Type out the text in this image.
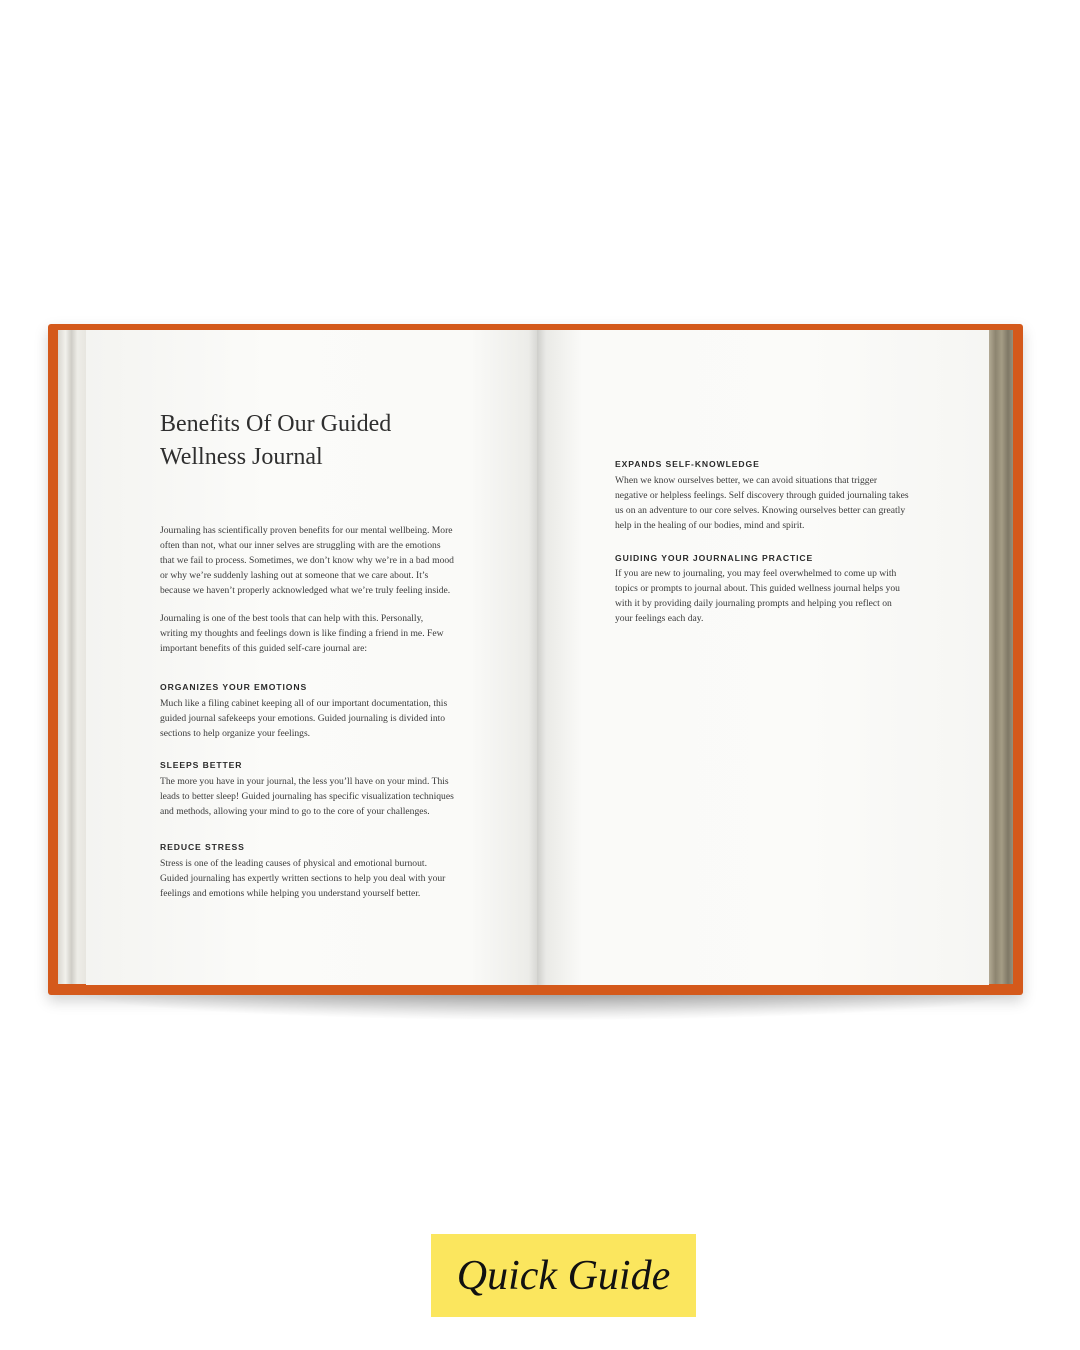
Benefits Of Our Guided
Wellness Journal

Journaling has scientifically proven benefits for our mental wellbeing. More
often than not, what our inner selves are struggling with are the emotions
that we fail to process. Sometimes, we don’t know why we’re in a bad mood
or why we’re suddenly lashing out at someone that we care about. It’s
because we haven’t properly acknowledged what we’re truly feeling inside.

Journaling is one of the best tools that can help with this. Personally,
writing my thoughts and feelings down is like finding a friend in me. Few
important benefits of this guided self-care journal are:

ORGANIZES YOUR EMOTIONS

Much like a filing cabinet keeping all of our important documentation, this
guided journal safekeeps your emotions. Guided journaling is divided into
sections to help organize your feelings.

SLEEPS BETTER

The more you have in your journal, the less you’ll have on your mind. This
leads to better sleep! Guided journaling has specific visualization techniques
and methods, allowing your mind to go to the core of your challenges.

REDUCE STRESS

Stress is one of the leading causes of physical and emotional burnout.
Guided journaling has expertly written sections to help you deal with your
feelings and emotions while helping you understand yourself better.

EXPANDS SELF-KNOWLEDGE

When we know ourselves better, we can avoid situations that trigger
negative or helpless feelings. Self discovery through guided journaling takes
us on an adventure to our core selves. Knowing ourselves better can greatly
help in the healing of our bodies, mind and spirit.

GUIDING YOUR JOURNALING PRACTICE

If you are new to journaling, you may feel overwhelmed to come up with
topics or prompts to journal about. This guided wellness journal helps you
with it by providing daily journaling prompts and helping you reflect on
your feelings each day.

Quick Guide
